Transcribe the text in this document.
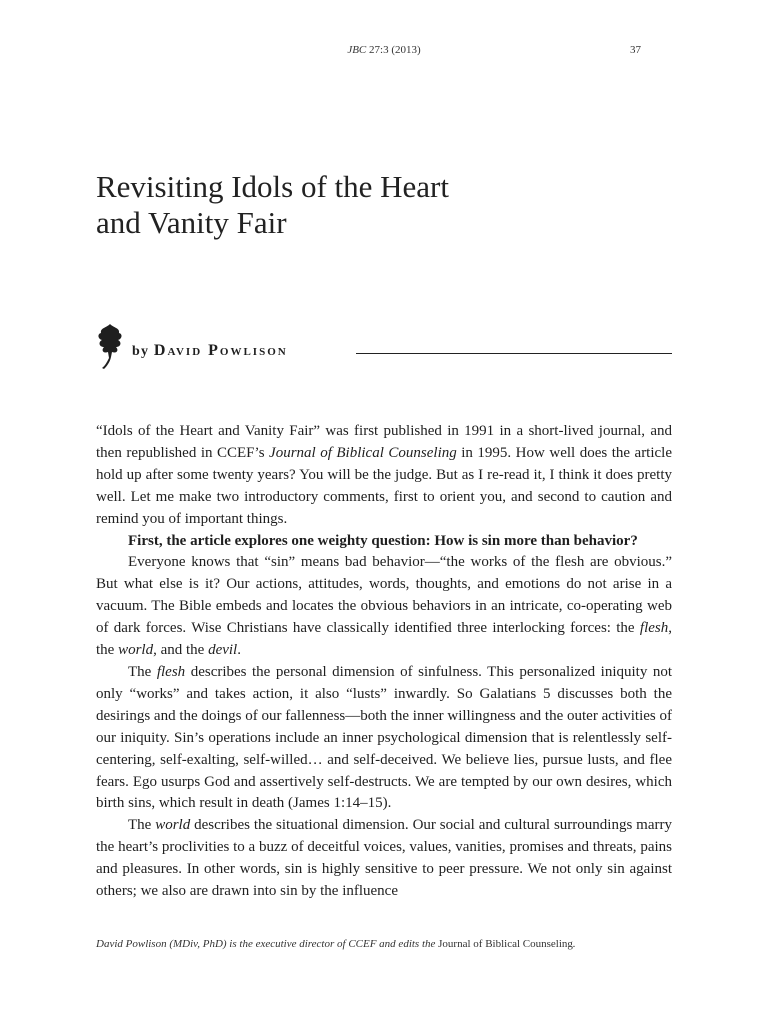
JBC 27:3 (2013)	37
Revisiting Idols of the Heart
and Vanity Fair
by David Powlison

“Idols of the Heart and Vanity Fair” was first published in 1991 in a short-lived journal, and then republished in CCEF’s Journal of Biblical Counseling in 1995. How well does the article hold up after some twenty years? You will be the judge. But as I re-read it, I think it does pretty well. Let me make two introductory comments, first to orient you, and second to caution and remind you of important things.

First, the article explores one weighty question: How is sin more than behavior?

Everyone knows that “sin” means bad behavior—“the works of the flesh are obvious.” But what else is it? Our actions, attitudes, words, thoughts, and emotions do not arise in a vacuum. The Bible embeds and locates the obvious behaviors in an intricate, co-operating web of dark forces. Wise Christians have classically identified three interlocking forces: the flesh, the world, and the devil.

The flesh describes the personal dimension of sinfulness. This personalized iniquity not only “works” and takes action, it also “lusts” inwardly. So Galatians 5 discusses both the desirings and the doings of our fallenness—both the inner willingness and the outer activities of our iniquity. Sin’s operations include an inner psychological dimension that is relentlessly self-centering, self-exalting, self-willed… and self-deceived. We believe lies, pursue lusts, and flee fears. Ego usurps God and assertively self-destructs. We are tempted by our own desires, which birth sins, which result in death (James 1:14–15).

The world describes the situational dimension. Our social and cultural surroundings marry the heart’s proclivities to a buzz of deceitful voices, values, vanities, promises and threats, pains and pleasures. In other words, sin is highly sensitive to peer pressure. We not only sin against others; we also are drawn into sin by the influence

David Powlison (MDiv, PhD) is the executive director of CCEF and edits the Journal of Biblical Counseling.
